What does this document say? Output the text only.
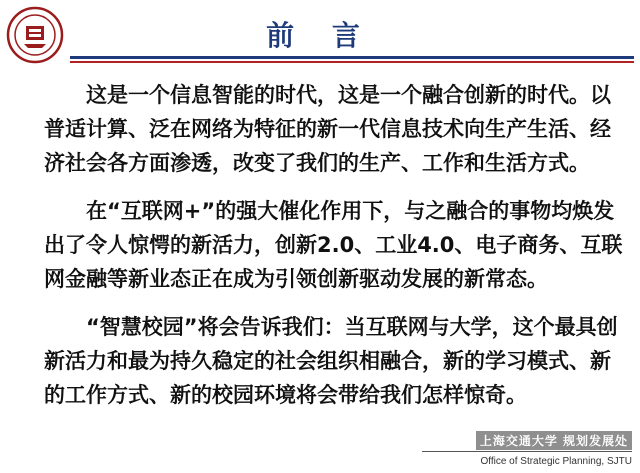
前 言

这是一个信息智能的时代，这是一个融合创新的时代。以普适计算、泛在网络为特征的新一代信息技术向生产生活、经济社会各方面渗透，改变了我们的生产、工作和生活方式。

在“互联网+”的强大催化作用下，与之融合的事物均焕发出了令人惊愕的新活力，创新2.0、工业4.0、电子商务、互联网金融等新业态正在成为引领创新驱动发展的新常态。

“智慧校园”将会告诉我们：当互联网与大学，这个最具创新活力和最为持久稳定的社会组织相融合，新的学习模式、新的工作方式、新的校园环境将会带给我们怎样惊奇。

上海交通大学 规划发展处
Office of Strategic Planning, SJTU
